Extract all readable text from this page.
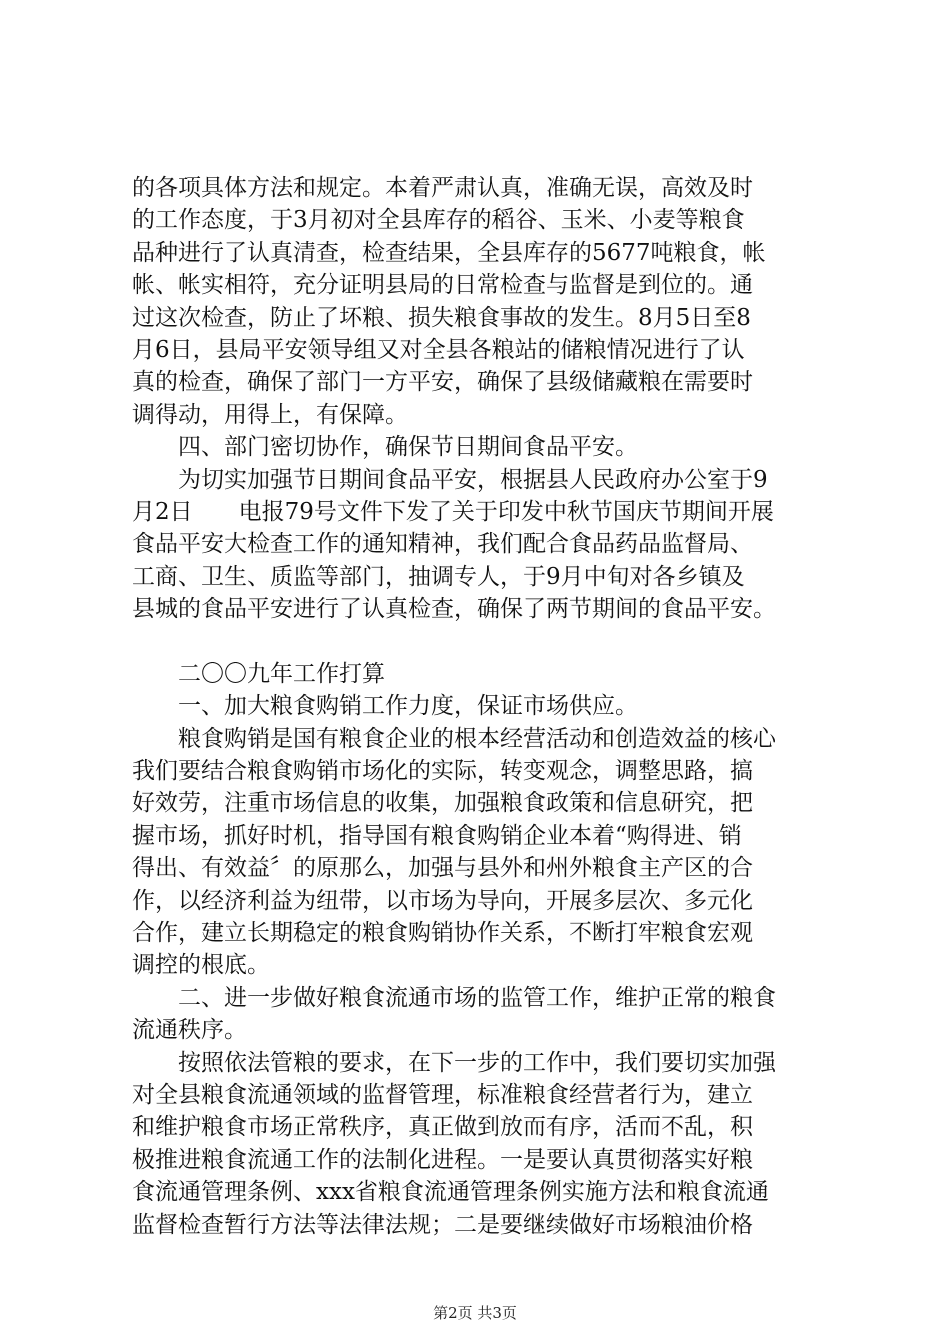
的各项具体方法和规定。本着严肃认真，准确无误，高效及时
的工作态度，于3月初对全县库存的稻谷、玉米、小麦等粮食
品种进行了认真清查，检查结果，全县库存的5677吨粮食，帐
帐、帐实相符，充分证明县局的日常检查与监督是到位的。通
过这次检查，防止了坏粮、损失粮食事故的发生。8月5日至8
月6日，县局平安领导组又对全县各粮站的储粮情况进行了认
真的检查，确保了部门一方平安，确保了县级储藏粮在需要时
调得动，用得上，有保障。
四、部门密切协作，确保节日期间食品平安。
为切实加强节日期间食品平安，根据县人民政府办公室于9
月2日　　电报79号文件下发了关于印发中秋节国庆节期间开展
食品平安大检查工作的通知精神，我们配合食品药品监督局、
工商、卫生、质监等部门，抽调专人，于9月中旬对各乡镇及
县城的食品平安进行了认真检查，确保了两节期间的食品平安。
二〇〇九年工作打算
一、加大粮食购销工作力度，保证市场供应。
粮食购销是国有粮食企业的根本经营活动和创造效益的核心
我们要结合粮食购销市场化的实际，转变观念，调整思路，搞
好效劳，注重市场信息的收集，加强粮食政策和信息研究，把
握市场，抓好时机，指导国有粮食购销企业本着“购得进、销
得出、有效益〞的原那么，加强与县外和州外粮食主产区的合
作，以经济利益为纽带，以市场为导向，开展多层次、多元化
合作，建立长期稳定的粮食购销协作关系，不断打牢粮食宏观
调控的根底。
二、进一步做好粮食流通市场的监管工作，维护正常的粮食
流通秩序。
按照依法管粮的要求，在下一步的工作中，我们要切实加强
对全县粮食流通领域的监督管理，标准粮食经营者行为，建立
和维护粮食市场正常秩序，真正做到放而有序，活而不乱，积
极推进粮食流通工作的法制化进程。一是要认真贯彻落实好粮
食流通管理条例、xxx省粮食流通管理条例实施方法和粮食流通
监督检查暂行方法等法律法规；二是要继续做好市场粮油价格
第2页 共3页
